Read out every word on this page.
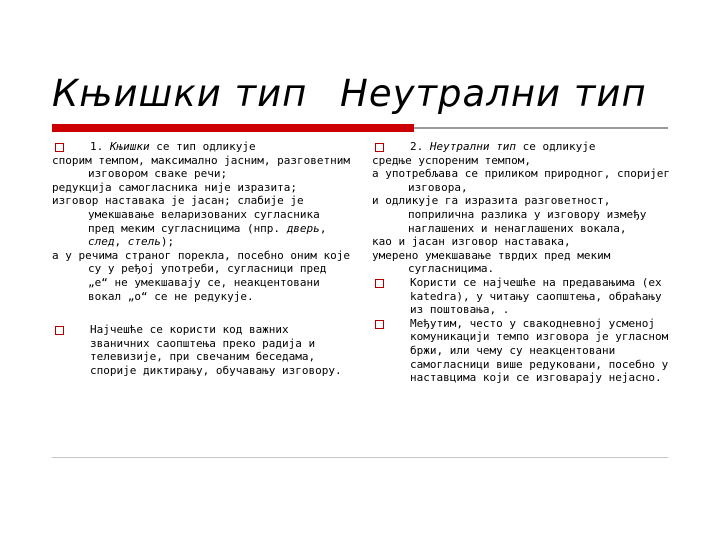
Књишки тип Неутрални тип

1. Књишки се тип одликује

спорим темпом, максимално јасним, разговетним изговором сваке речи;

редукција самогласника није изразита;

изговор наставака је јасан; слабије је умекшавање веларизованих сугласника пред меким сугласницима (нпр. дверь, след, стель);

а у речима страног порекла, посебно оним које су у ређој употреби, сугласници пред „е“ не умекшавају се, неакцентовани вокал „о“ се не редукује.

Најчешће се користи код важних званичних саопштења преко радија и телевизије, при свечаним беседама, спорије диктирању, обучавању изговору.

2. Неутрални тип се одликује

средње успореним темпом,

а употребљава се приликом природног, споријег изговора,

и одликује га изразита разговетност, поприлична разлика у изговору између наглашених и ненаглашених вокала,

као и јасан изговор наставака,

умерено умекшавање тврдих пред меким сугласницима.

Користи се најчешће на предавањима (ex katedra), у читању саопштења, обраћању из поштовања, .

Међутим, често у свакодневној усменој комуникацији темпо изговора је угласном бржи, или чему су неакцентовани самогласници више редуковани, посебно у наставцима који се изговарају нејасно.
